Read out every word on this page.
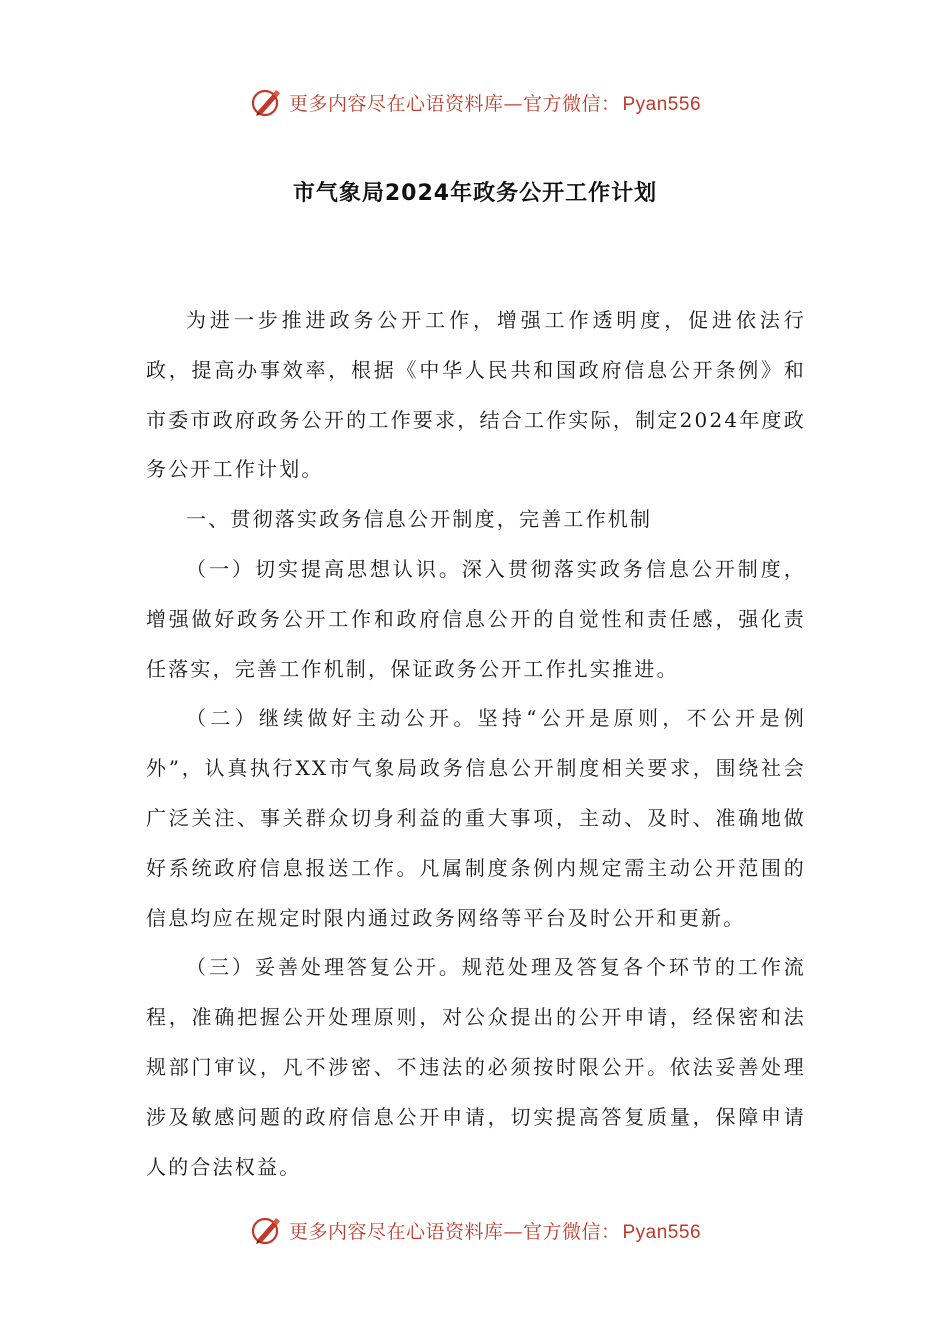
更多内容尽在心语资料库—官方微信： Pyan556
市气象局2024年政务公开工作计划

为进一步推进政务公开工作，增强工作透明度，促进依法行政，提高办事效率，根据《中华人民共和国政府信息公开条例》和市委市政府政务公开的工作要求，结合工作实际，制定2024年度政务公开工作计划。

一、贯彻落实政务信息公开制度，完善工作机制

（一）切实提高思想认识。深入贯彻落实政务信息公开制度，增强做好政务公开工作和政府信息公开的自觉性和责任感，强化责任落实，完善工作机制，保证政务公开工作扎实推进。

（二）继续做好主动公开。坚持“公开是原则，不公开是例外”，认真执行XX市气象局政务信息公开制度相关要求，围绕社会广泛关注、事关群众切身利益的重大事项，主动、及时、准确地做好系统政府信息报送工作。凡属制度条例内规定需主动公开范围的信息均应在规定时限内通过政务网络等平台及时公开和更新。

（三）妥善处理答复公开。规范处理及答复各个环节的工作流程，准确把握公开处理原则，对公众提出的公开申请，经保密和法规部门审议，凡不涉密、不违法的必须按时限公开。依法妥善处理涉及敏感问题的政府信息公开申请，切实提高答复质量，保障申请人的合法权益。

更多内容尽在心语资料库—官方微信： Pyan556
